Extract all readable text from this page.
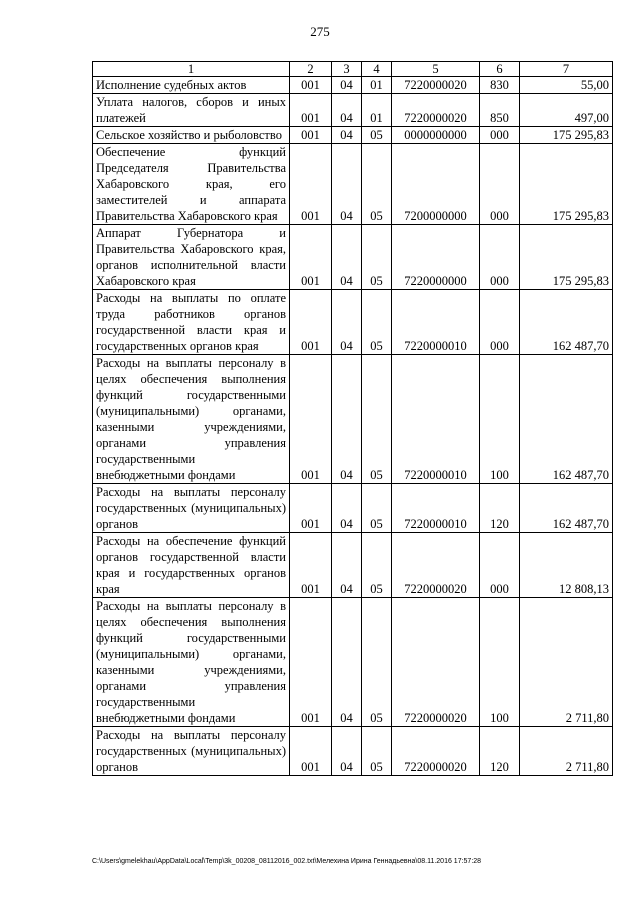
275
1	2	3	4	5	6	7
Исполнение судебных актов	001	04	01	7220000020	830	55,00
Уплата налогов, сборов и иных платежей	001	04	01	7220000020	850	497,00
Сельское хозяйство и рыболовство	001	04	05	0000000000	000	175 295,83
Обеспечение функций Председателя Правительства Хабаровского края, его заместителей и аппарата Правительства Хабаровского края	001	04	05	7200000000	000	175 295,83
Аппарат Губернатора и Правительства Хабаровского края, органов исполнительной власти Хабаровского края	001	04	05	7220000000	000	175 295,83
Расходы на выплаты по оплате труда работников органов государственной власти края и государственных органов края	001	04	05	7220000010	000	162 487,70
Расходы на выплаты персоналу в целях обеспечения выполнения функций государственными (муниципальными) органами, казенными учреждениями, органами управления государственными внебюджетными фондами	001	04	05	7220000010	100	162 487,70
Расходы на выплаты персоналу государственных (муниципальных) органов	001	04	05	7220000010	120	162 487,70
Расходы на обеспечение функций органов государственной власти края и государственных органов края	001	04	05	7220000020	000	12 808,13
Расходы на выплаты персоналу в целях обеспечения выполнения функций государственными (муниципальными) органами, казенными учреждениями, органами управления государственными внебюджетными фондами	001	04	05	7220000020	100	2 711,80
Расходы на выплаты персоналу государственных (муниципальных) органов	001	04	05	7220000020	120	2 711,80
C:\Users\gmelekhau\AppData\Local\Temp\3k_00208_08112016_002.txt\Мелехина Ирина Геннадьевна\08.11.2016 17:57:28
